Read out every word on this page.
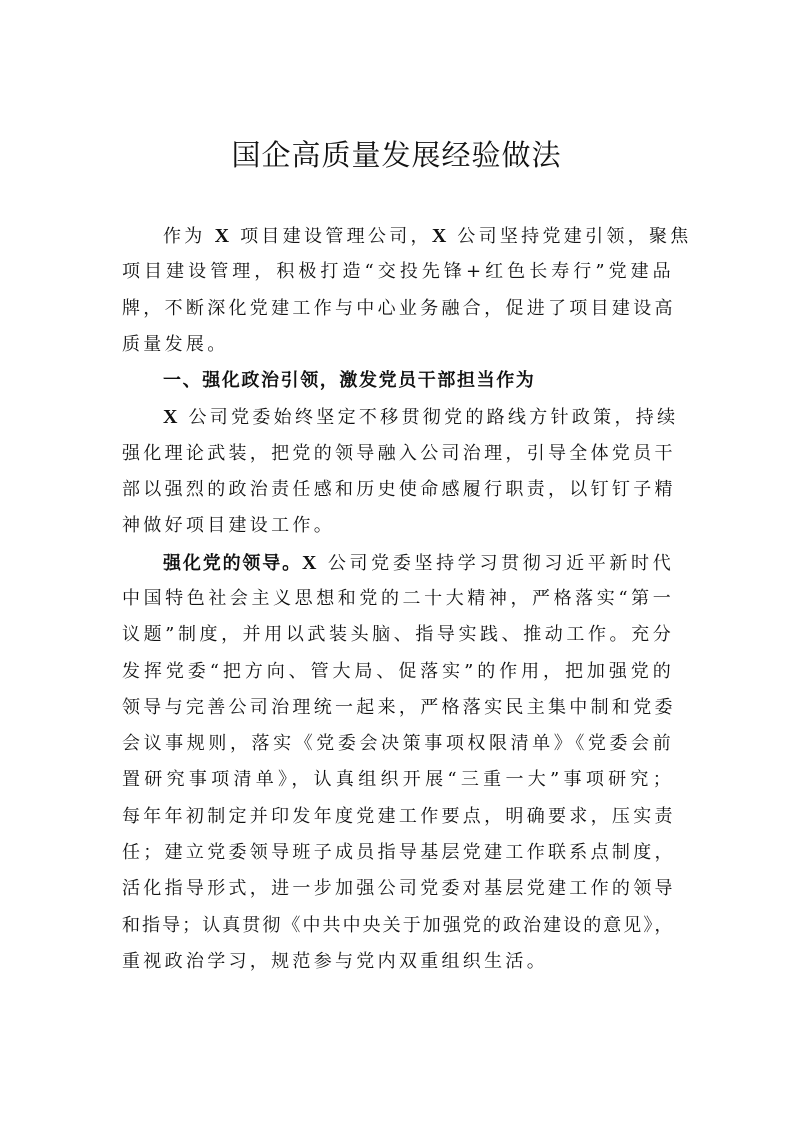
国企高质量发展经验做法
作为 X 项目建设管理公司，X 公司坚持党建引领，聚焦
项目建设管理，积极打造“交投先锋+红色长寿行”党建品
牌，不断深化党建工作与中心业务融合，促进了项目建设高
质量发展。
一、强化政治引领，激发党员干部担当作为
X 公司党委始终坚定不移贯彻党的路线方针政策，持续
强化理论武装，把党的领导融入公司治理，引导全体党员干
部以强烈的政治责任感和历史使命感履行职责，以钉钉子精
神做好项目建设工作。
强化党的领导。X 公司党委坚持学习贯彻习近平新时代
中国特色社会主义思想和党的二十大精神，严格落实“第一
议题”制度，并用以武装头脑、指导实践、推动工作。充分
发挥党委“把方向、管大局、促落实”的作用，把加强党的
领导与完善公司治理统一起来，严格落实民主集中制和党委
会议事规则，落实《党委会决策事项权限清单》《党委会前
置研究事项清单》，认真组织开展“三重一大”事项研究；
每年年初制定并印发年度党建工作要点，明确要求，压实责
任；建立党委领导班子成员指导基层党建工作联系点制度，
活化指导形式，进一步加强公司党委对基层党建工作的领导
和指导；认真贯彻《中共中央关于加强党的政治建设的意见》，
重视政治学习，规范参与党内双重组织生活。
